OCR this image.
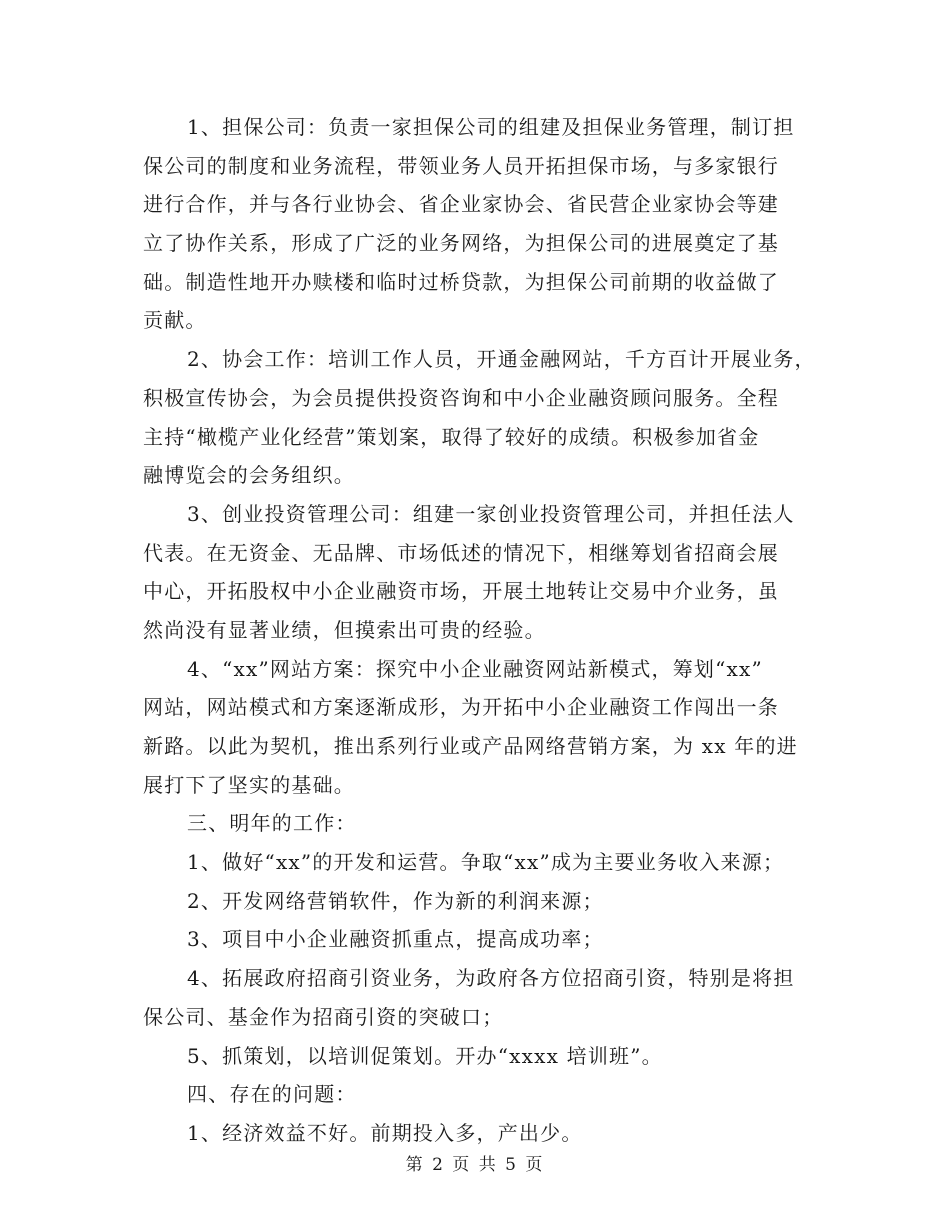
1、担保公司：负责一家担保公司的组建及担保业务管理，制订担
保公司的制度和业务流程，带领业务人员开拓担保市场，与多家银行
进行合作，并与各行业协会、省企业家协会、省民营企业家协会等建
立了协作关系，形成了广泛的业务网络，为担保公司的进展奠定了基
础。制造性地开办赎楼和临时过桥贷款，为担保公司前期的收益做了
贡献。
2、协会工作：培训工作人员，开通金融网站，千方百计开展业务，
积极宣传协会，为会员提供投资咨询和中小企业融资顾问服务。全程
主持“橄榄产业化经营”策划案，取得了较好的成绩。积极参加省金
融博览会的会务组织。
3、创业投资管理公司：组建一家创业投资管理公司，并担任法人
代表。在无资金、无品牌、市场低述的情况下，相继筹划省招商会展
中心，开拓股权中小企业融资市场，开展土地转让交易中介业务，虽
然尚没有显著业绩，但摸索出可贵的经验。
4、“xx”网站方案：探究中小企业融资网站新模式，筹划“xx”
网站，网站模式和方案逐渐成形，为开拓中小企业融资工作闯出一条
新路。以此为契机，推出系列行业或产品网络营销方案，为 xx 年的进
展打下了坚实的基础。
三、明年的工作：
1、做好“xx”的开发和运营。争取“xx”成为主要业务收入来源；
2、开发网络营销软件，作为新的利润来源；
3、项目中小企业融资抓重点，提高成功率；
4、拓展政府招商引资业务，为政府各方位招商引资，特别是将担
保公司、基金作为招商引资的突破口；
5、抓策划，以培训促策划。开办“xxxx 培训班”。
四、存在的问题：
1、经济效益不好。前期投入多，产出少。
第 2 页 共 5 页
